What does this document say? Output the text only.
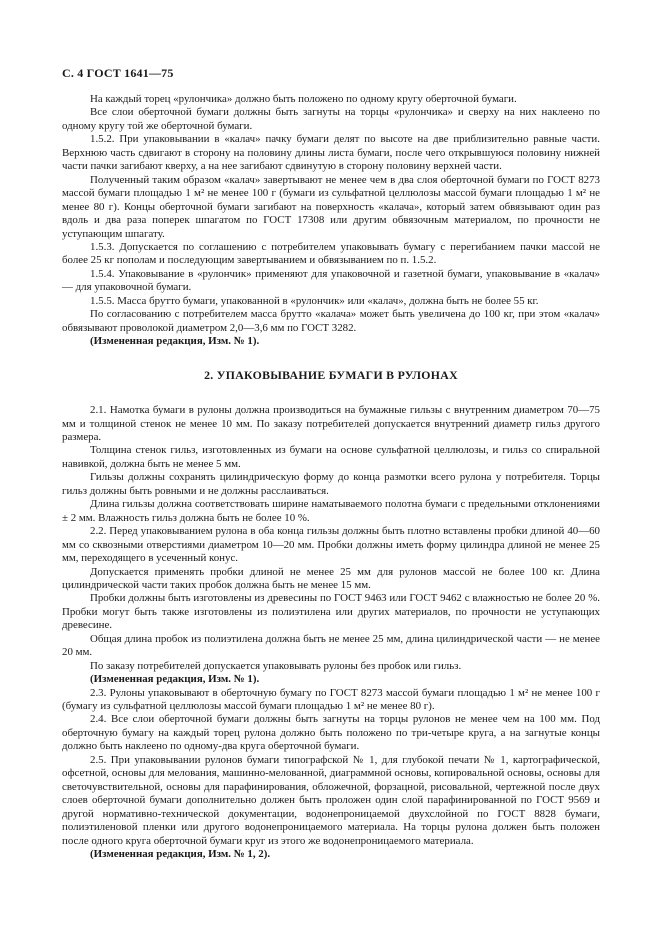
С. 4 ГОСТ 1641—75

На каждый торец «рулончика» должно быть положено по одному кругу оберточной бумаги.

Все слои оберточной бумаги должны быть загнуты на торцы «рулончика» и сверху на них наклеено по одному кругу той же оберточной бумаги.

1.5.2. При упаковывании в «калач» пачку бумаги делят по высоте на две приблизительно равные части. Верхнюю часть сдвигают в сторону на половину длины листа бумаги, после чего открывшуюся половину нижней части пачки загибают кверху, а на нее загибают сдвинутую в сторону половину верхней части.

Полученный таким образом «калач» завертывают не менее чем в два слоя оберточной бумаги по ГОСТ 8273 массой бумаги площадью 1 м² не менее 100 г (бумаги из сульфатной целлюлозы массой бумаги площадью 1 м² не менее 80 г). Концы оберточной бумаги загибают на поверхность «калача», который затем обвязывают один раз вдоль и два раза поперек шпагатом по ГОСТ 17308 или другим обвязочным материалом, по прочности не уступающим шпагату.

1.5.3. Допускается по соглашению с потребителем упаковывать бумагу с перегибанием пачки массой не более 25 кг пополам и последующим завертыванием и обвязыванием по п. 1.5.2.

1.5.4. Упаковывание в «рулончик» применяют для упаковочной и газетной бумаги, упаковывание в «калач» — для упаковочной бумаги.

1.5.5. Масса брутто бумаги, упакованной в «рулончик» или «калач», должна быть не более 55 кг.

По согласованию с потребителем масса брутто «калача» может быть увеличена до 100 кг, при этом «калач» обвязывают проволокой диаметром 2,0—3,6 мм по ГОСТ 3282.

(Измененная редакция, Изм. № 1).

2. УПАКОВЫВАНИЕ БУМАГИ В РУЛОНАХ

2.1. Намотка бумаги в рулоны должна производиться на бумажные гильзы с внутренним диаметром 70—75 мм и толщиной стенок не менее 10 мм. По заказу потребителей допускается внутренний диаметр гильз другого размера.

Толщина стенок гильз, изготовленных из бумаги на основе сульфатной целлюлозы, и гильз со спиральной навивкой, должна быть не менее 5 мм.

Гильзы должны сохранять цилиндрическую форму до конца размотки всего рулона у потребителя. Торцы гильз должны быть ровными и не должны расслаиваться.

Длина гильзы должна соответствовать ширине наматываемого полотна бумаги с предельными отклонениями ± 2 мм. Влажность гильз должна быть не более 10 %.

2.2. Перед упаковыванием рулона в оба конца гильзы должны быть плотно вставлены пробки длиной 40—60 мм со сквозными отверстиями диаметром 10—20 мм. Пробки должны иметь форму цилиндра длиной не менее 25 мм, переходящего в усеченный конус.

Допускается применять пробки длиной не менее 25 мм для рулонов массой не более 100 кг. Длина цилиндрической части таких пробок должна быть не менее 15 мм.

Пробки должны быть изготовлены из древесины по ГОСТ 9463 или ГОСТ 9462 с влажностью не более 20 %. Пробки могут быть также изготовлены из полиэтилена или других материалов, по прочности не уступающих древесине.

Общая длина пробок из полиэтилена должна быть не менее 25 мм, длина цилиндрической части — не менее 20 мм.

По заказу потребителей допускается упаковывать рулоны без пробок или гильз.

(Измененная редакция, Изм. № 1).

2.3. Рулоны упаковывают в оберточную бумагу по ГОСТ 8273 массой бумаги площадью 1 м² не менее 100 г (бумагу из сульфатной целлюлозы массой бумаги площадью 1 м² не менее 80 г).

2.4. Все слои оберточной бумаги должны быть загнуты на торцы рулонов не менее чем на 100 мм. Под оберточную бумагу на каждый торец рулона должно быть положено по три-четыре круга, а на загнутые концы должно быть наклеено по одному-два круга оберточной бумаги.

2.5. При упаковывании рулонов бумаги типографской № 1, для глубокой печати № 1, картографической, офсетной, основы для мелования, машинно-мелованной, диаграммной основы, копировальной основы, основы для светочувствительной, основы для парафинирования, обложечной, форзацной, рисовальной, чертежной после двух слоев оберточной бумаги дополнительно должен быть проложен один слой парафинированной по ГОСТ 9569 и другой нормативно-технической документации, водонепроницаемой двухслойной по ГОСТ 8828 бумаги, полиэтиленовой пленки или другого водонепроницаемого материала. На торцы рулона должен быть положен после одного круга оберточной бумаги круг из этого же водонепроницаемого материала.

(Измененная редакция, Изм. № 1, 2).
